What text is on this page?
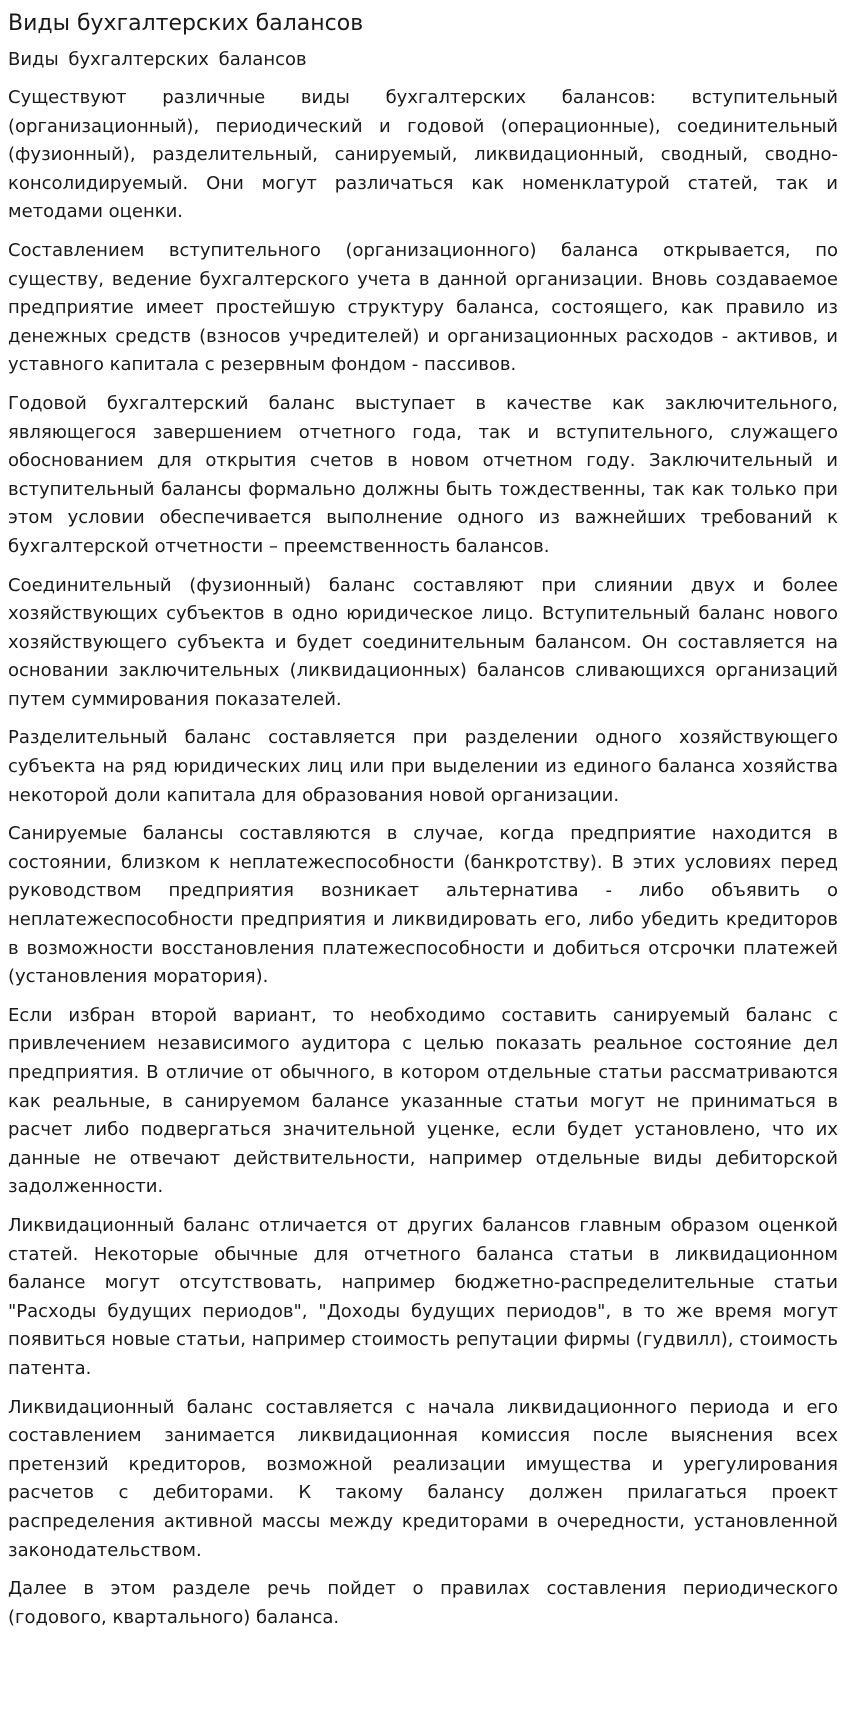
Виды бухгалтерских балансов
Виды бухгалтерских балансов

Существуют различные виды бухгалтерских балансов: вступительный (организационный), периодический и годовой (операционные), соединительный (фузионный), разделительный, санируемый, ликвидационный, сводный, сводно-консолидируемый. Они могут различаться как номенклатурой статей, так и методами оценки.

Составлением вступительного (организационного) баланса открывается, по существу, ведение бухгалтерского учета в данной организации. Вновь создаваемое предприятие имеет простейшую структуру баланса, состоящего, как правило из денежных средств (взносов учредителей) и организационных расходов - активов, и уставного капитала с резервным фондом - пассивов.

Годовой бухгалтерский баланс выступает в качестве как заключительного, являющегося завершением отчетного года, так и вступительного, служащего обоснованием для открытия счетов в новом отчетном году. Заключительный и вступительный балансы формально должны быть тождественны, так как только при этом условии обеспечивается выполнение одного из важнейших требований к бухгалтерской отчетности – преемственность балансов.

Соединительный (фузионный) баланс составляют при слиянии двух и более хозяйствующих субъектов в одно юридическое лицо. Вступительный баланс нового хозяйствующего субъекта и будет соединительным балансом. Он составляется на основании заключительных (ликвидационных) балансов сливающихся организаций путем суммирования показателей.

Разделительный баланс составляется при разделении одного хозяйствующего субъекта на ряд юридических лиц или при выделении из единого баланса хозяйства некоторой доли капитала для образования новой организации.

Санируемые балансы составляются в случае, когда предприятие находится в состоянии, близком к неплатежеспособности (банкротству). В этих условиях перед руководством предприятия возникает альтернатива - либо объявить о неплатежеспособности предприятия и ликвидировать его, либо убедить кредиторов в возможности восстановления платежеспособности и добиться отсрочки платежей (установления моратория).

Если избран второй вариант, то необходимо составить санируемый баланс с привлечением независимого аудитора с целью показать реальное состояние дел предприятия. В отличие от обычного, в котором отдельные статьи рассматриваются как реальные, в санируемом балансе указанные статьи могут не приниматься в расчет либо подвергаться значительной уценке, если будет установлено, что их данные не отвечают действительности, например отдельные виды дебиторской задолженности.

Ликвидационный баланс отличается от других балансов главным образом оценкой статей. Некоторые обычные для отчетного баланса статьи в ликвидационном балансе могут отсутствовать, например бюджетно-распределительные статьи "Расходы будущих периодов", "Доходы будущих периодов", в то же время могут появиться новые статьи, например стоимость репутации фирмы (гудвилл), стоимость патента.

Ликвидационный баланс составляется с начала ликвидационного периода и его составлением занимается ликвидационная комиссия после выяснения всех претензий кредиторов, возможной реализации имущества и урегулирования расчетов с дебиторами. К такому балансу должен прилагаться проект распределения активной массы между кредиторами в очередности, установленной законодательством.

Далее в этом разделе речь пойдет о правилах составления периодического (годового, квартального) баланса.
